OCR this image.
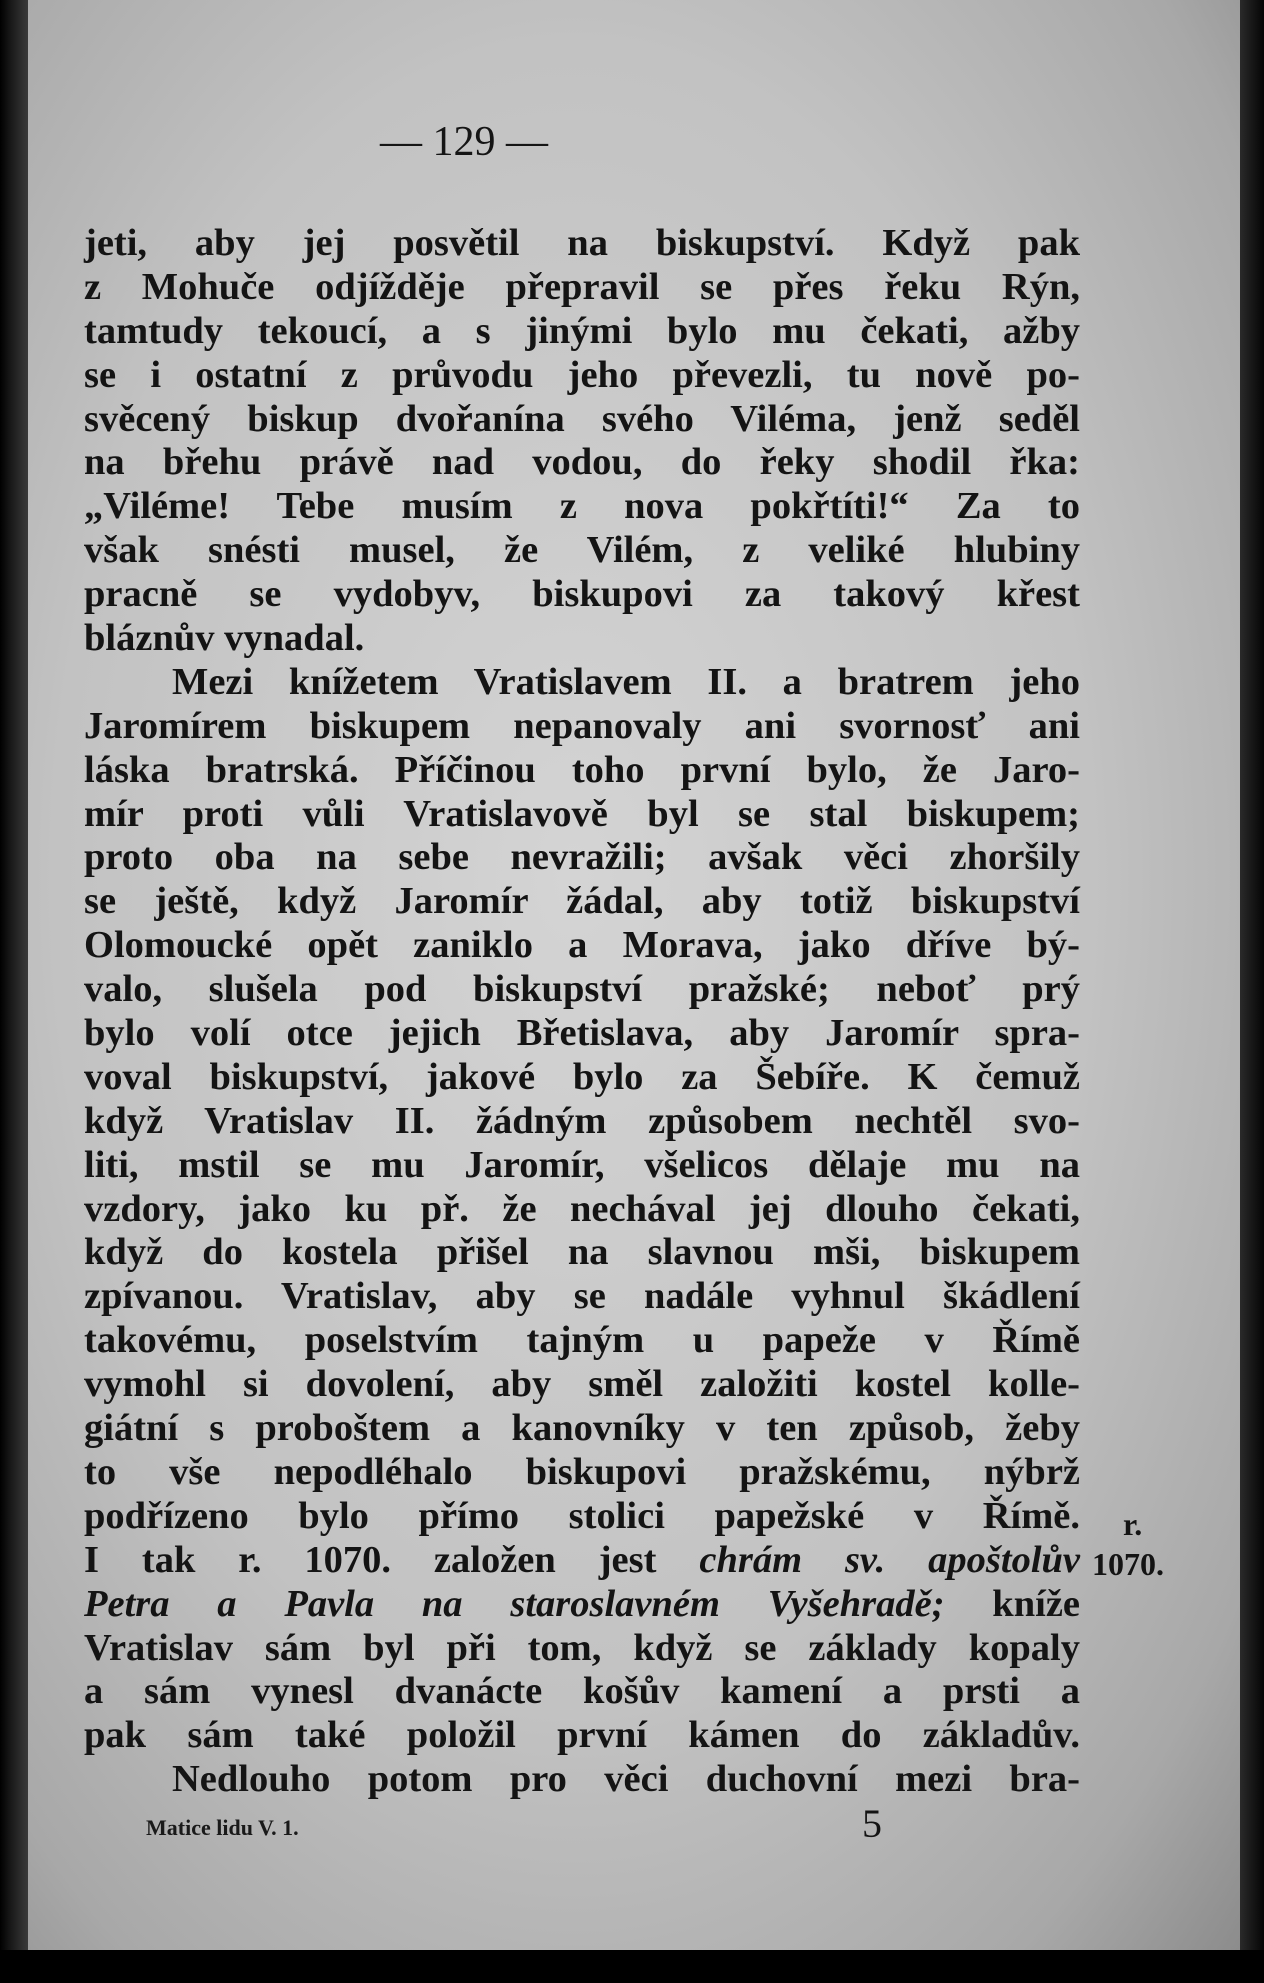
— 129 —
jeti, aby jej posvětil na biskupství. Když pak
z Mohuče odjížděje přepravil se přes řeku Rýn,
tamtudy tekoucí, a s jinými bylo mu čekati, ažby
se i ostatní z průvodu jeho převezli, tu nově po-
svěcený biskup dvořanína svého Viléma, jenž seděl
na břehu právě nad vodou, do řeky shodil řka:
„Viléme! Tebe musím z nova pokřtíti!“ Za to
však snésti musel, že Vilém, z veliké hlubiny
pracně se vydobyv, biskupovi za takový křest
bláznův vynadal.
Mezi knížetem Vratislavem II. a bratrem jeho
Jaromírem biskupem nepanovaly ani svornosť ani
láska bratrská. Příčinou toho první bylo, že Jaro-
mír proti vůli Vratislavově byl se stal biskupem;
proto oba na sebe nevražili; avšak věci zhoršily
se ještě, když Jaromír žádal, aby totiž biskupství
Olomoucké opět zaniklo a Morava, jako dříve bý-
valo, slušela pod biskupství pražské; neboť prý
bylo volí otce jejich Břetislava, aby Jaromír spra-
voval biskupství, jakové bylo za Šebíře. K čemuž
když Vratislav II. žádným způsobem nechtěl svo-
liti, mstil se mu Jaromír, všelicos dělaje mu na
vzdory, jako ku př. že nechával jej dlouho čekati,
když do kostela přišel na slavnou mši, biskupem
zpívanou. Vratislav, aby se nadále vyhnul škádlení
takovému, poselstvím tajným u papeže v Římě
vymohl si dovolení, aby směl založiti kostel kolle-
giátní s proboštem a kanovníky v ten způsob, žeby
to vše nepodléhalo biskupovi pražskému, nýbrž
podřízeno bylo přímo stolici papežské v Římě.
I tak r. 1070. založen jest chrám sv. apoštolův
Petra a Pavla na staroslavném Vyšehradě; kníže
Vratislav sám byl při tom, když se základy kopaly
a sám vynesl dvanácte košův kamení a prsti a
pak sám také položil první kámen do základův.
Nedlouho potom pro věci duchovní mezi bra-
r.
1070.
Matice lidu V. 1.	5
